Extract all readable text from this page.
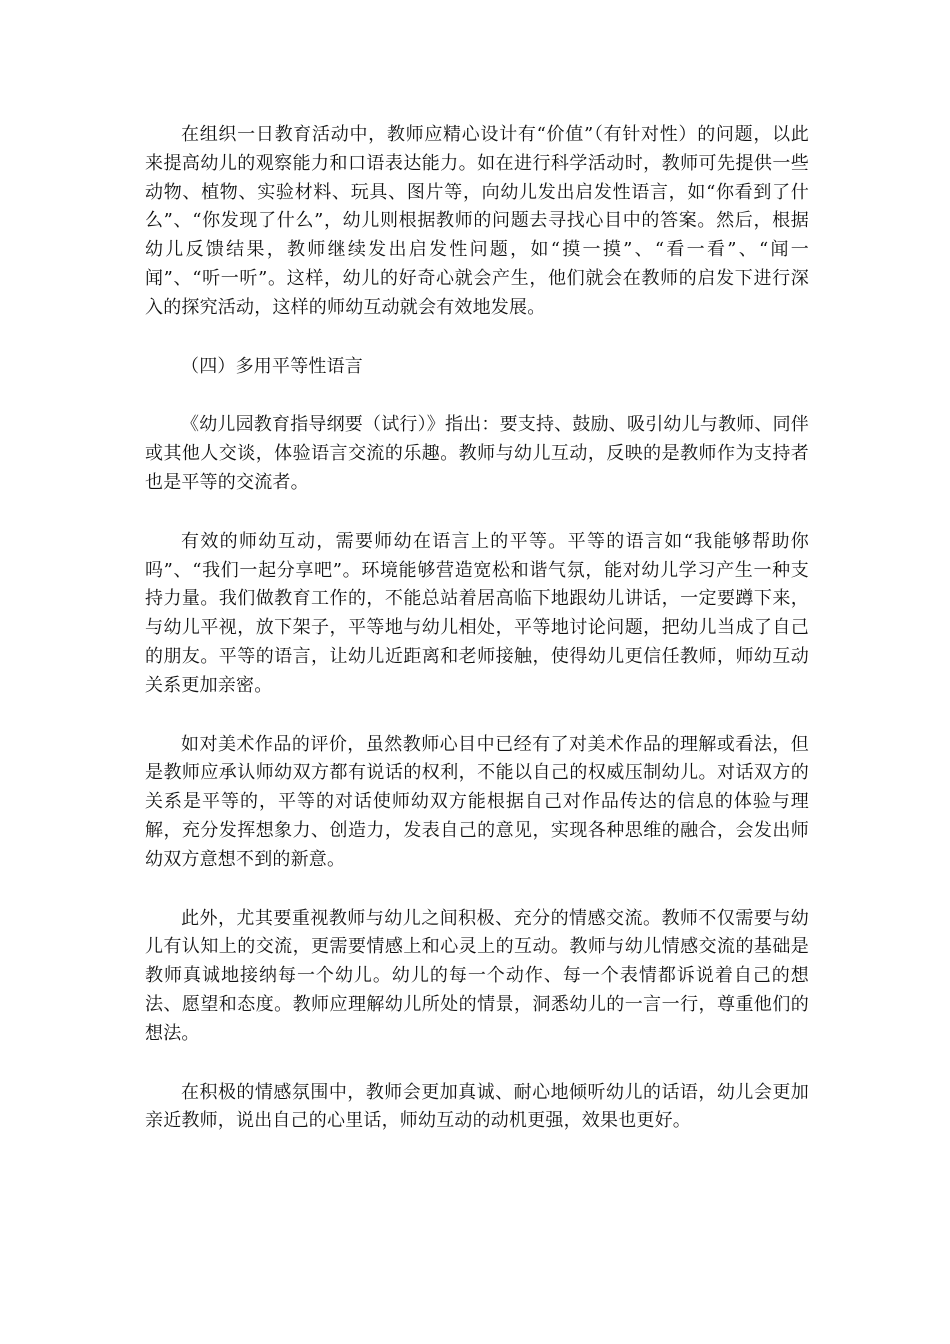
在组织一日教育活动中，教师应精心设计有“价值”（有针对性）的问题，以此来提高幼儿的观察能力和口语表达能力。如在进行科学活动时，教师可先提供一些动物、植物、实验材料、玩具、图片等，向幼儿发出启发性语言，如“你看到了什么”、“你发现了什么”，幼儿则根据教师的问题去寻找心目中的答案。然后，根据幼儿反馈结果，教师继续发出启发性问题，如“摸一摸”、“看一看”、“闻一闻”、“听一听”。这样，幼儿的好奇心就会产生，他们就会在教师的启发下进行深入的探究活动，这样的师幼互动就会有效地发展。

（四）多用平等性语言

《幼儿园教育指导纲要（试行）》指出：要支持、鼓励、吸引幼儿与教师、同伴或其他人交谈，体验语言交流的乐趣。教师与幼儿互动，反映的是教师作为支持者也是平等的交流者。

有效的师幼互动，需要师幼在语言上的平等。平等的语言如“我能够帮助你吗”、“我们一起分享吧”。环境能够营造宽松和谐气氛，能对幼儿学习产生一种支持力量。我们做教育工作的，不能总站着居高临下地跟幼儿讲话，一定要蹲下来，与幼儿平视，放下架子，平等地与幼儿相处，平等地讨论问题，把幼儿当成了自己的朋友。平等的语言，让幼儿近距离和老师接触，使得幼儿更信任教师，师幼互动关系更加亲密。

如对美术作品的评价，虽然教师心目中已经有了对美术作品的理解或看法，但是教师应承认师幼双方都有说话的权利，不能以自己的权威压制幼儿。对话双方的关系是平等的，平等的对话使师幼双方能根据自己对作品传达的信息的体验与理解，充分发挥想象力、创造力，发表自己的意见，实现各种思维的融合，会发出师幼双方意想不到的新意。

此外，尤其要重视教师与幼儿之间积极、充分的情感交流。教师不仅需要与幼儿有认知上的交流，更需要情感上和心灵上的互动。教师与幼儿情感交流的基础是教师真诚地接纳每一个幼儿。幼儿的每一个动作、每一个表情都诉说着自己的想法、愿望和态度。教师应理解幼儿所处的情景，洞悉幼儿的一言一行，尊重他们的想法。

在积极的情感氛围中，教师会更加真诚、耐心地倾听幼儿的话语，幼儿会更加亲近教师，说出自己的心里话，师幼互动的动机更强，效果也更好。
